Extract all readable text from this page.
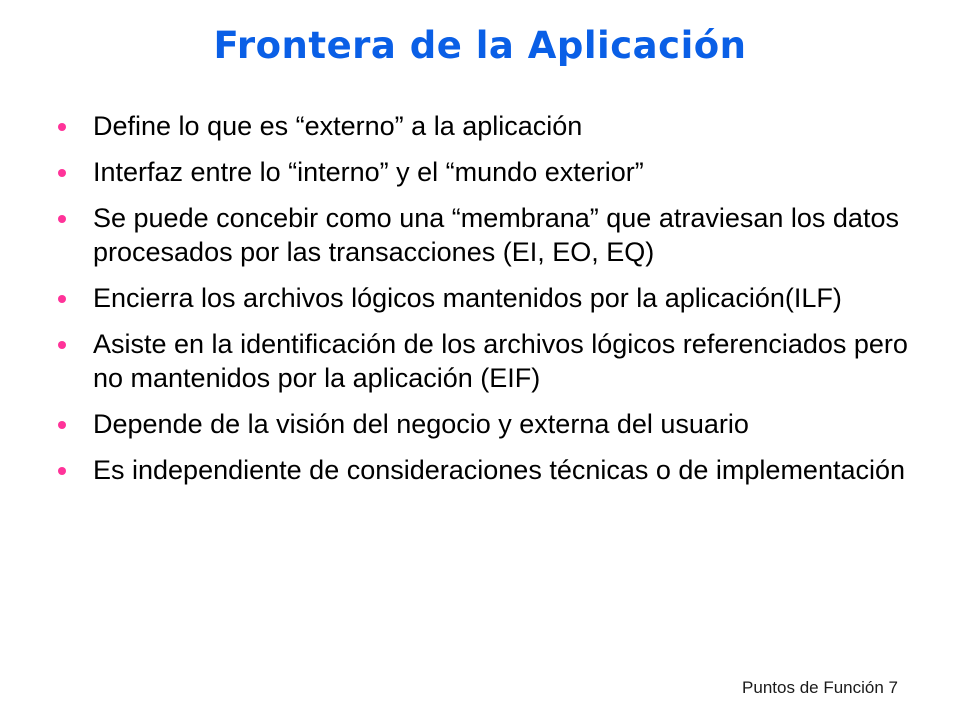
Frontera de la Aplicación
Define lo que es “externo” a la aplicación
Interfaz entre lo “interno” y el “mundo exterior”
Se puede concebir como una “membrana” que atraviesan los datos procesados por las transacciones (EI, EO, EQ)
Encierra los archivos lógicos mantenidos por la aplicación(ILF)
Asiste en la identificación de los archivos lógicos referenciados pero no mantenidos por la aplicación (EIF)
Depende de la visión del negocio y externa del usuario
Es independiente de consideraciones técnicas o de implementación
Puntos de Función 7
